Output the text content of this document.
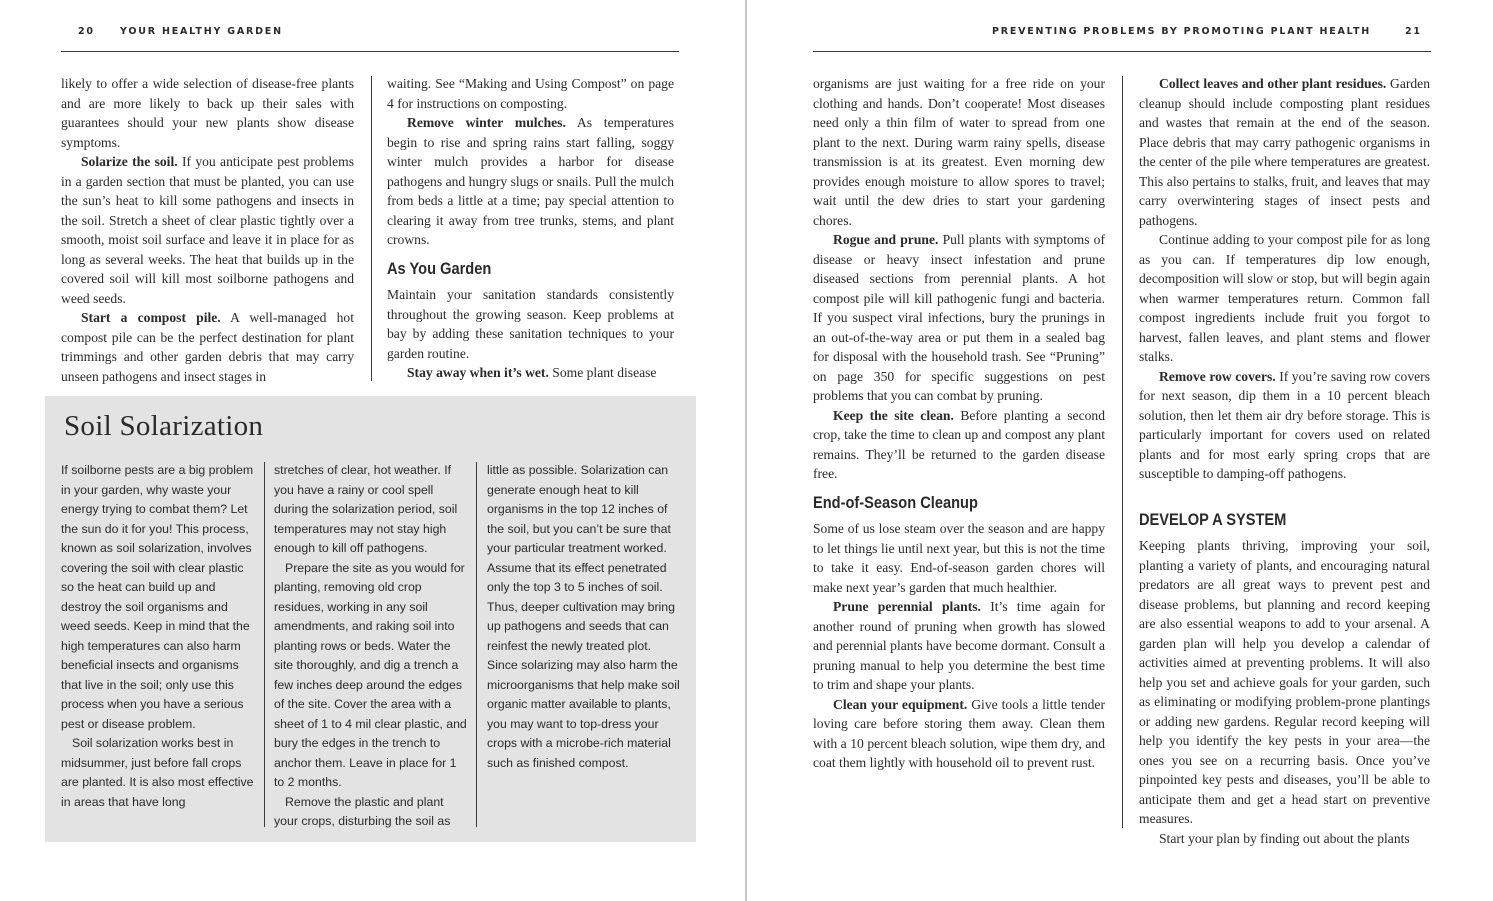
20	YOUR HEALTHY GARDEN

likely to offer a wide selection of disease-free plants and are more likely to back up their sales with guarantees should your new plants show disease symptoms.

Solarize the soil. If you anticipate pest problems in a garden section that must be planted, you can use the sun’s heat to kill some pathogens and insects in the soil. Stretch a sheet of clear plastic tightly over a smooth, moist soil surface and leave it in place for as long as several weeks. The heat that builds up in the covered soil will kill most soilborne pathogens and weed seeds.

Start a compost pile. A well-managed hot compost pile can be the perfect destination for plant trimmings and other garden debris that may carry unseen pathogens and insect stages in

waiting. See “Making and Using Compost” on page 4 for instructions on composting.

Remove winter mulches. As temperatures begin to rise and spring rains start falling, soggy winter mulch provides a harbor for disease pathogens and hungry slugs or snails. Pull the mulch from beds a little at a time; pay special attention to clearing it away from tree trunks, stems, and plant crowns.

As You Garden

Maintain your sanitation standards consistently throughout the growing season. Keep problems at bay by adding these sanitation techniques to your garden routine.

Stay away when it’s wet. Some plant disease

Soil Solarization

If soilborne pests are a big problem in your garden, why waste your energy trying to combat them? Let the sun do it for you! This process, known as soil solarization, involves covering the soil with clear plastic so the heat can build up and destroy the soil organisms and weed seeds. Keep in mind that the high temperatures can also harm beneficial insects and organisms that live in the soil; only use this process when you have a serious pest or disease problem.

Soil solarization works best in midsummer, just before fall crops are planted. It is also most effective in areas that have long

stretches of clear, hot weather. If you have a rainy or cool spell during the solarization period, soil temperatures may not stay high enough to kill off pathogens.

Prepare the site as you would for planting, removing old crop residues, working in any soil amendments, and raking soil into planting rows or beds. Water the site thoroughly, and dig a trench a few inches deep around the edges of the site. Cover the area with a sheet of 1 to 4 mil clear plastic, and bury the edges in the trench to anchor them. Leave in place for 1 to 2 months.

Remove the plastic and plant your crops, disturbing the soil as

little as possible. Solarization can generate enough heat to kill organisms in the top 12 inches of the soil, but you can’t be sure that your particular treatment worked. Assume that its effect penetrated only the top 3 to 5 inches of soil. Thus, deeper cultivation may bring up pathogens and seeds that can reinfest the newly treated plot. Since solarizing may also harm the microorganisms that help make soil organic matter available to plants, you may want to top-dress your crops with a microbe-rich material such as finished compost.

PREVENTING PROBLEMS BY PROMOTING PLANT HEALTH	21

organisms are just waiting for a free ride on your clothing and hands. Don’t cooperate! Most diseases need only a thin film of water to spread from one plant to the next. During warm rainy spells, disease transmission is at its greatest. Even morning dew provides enough moisture to allow spores to travel; wait until the dew dries to start your gardening chores.

Rogue and prune. Pull plants with symptoms of disease or heavy insect infestation and prune diseased sections from perennial plants. A hot compost pile will kill pathogenic fungi and bacteria. If you suspect viral infections, bury the prunings in an out-of-the-way area or put them in a sealed bag for disposal with the household trash. See “Pruning” on page 350 for specific suggestions on pest problems that you can combat by pruning.

Keep the site clean. Before planting a second crop, take the time to clean up and compost any plant remains. They’ll be returned to the garden disease free.

End-of-Season Cleanup

Some of us lose steam over the season and are happy to let things lie until next year, but this is not the time to take it easy. End-of-season garden chores will make next year’s garden that much healthier.

Prune perennial plants. It’s time again for another round of pruning when growth has slowed and perennial plants have become dormant. Consult a pruning manual to help you determine the best time to trim and shape your plants.

Clean your equipment. Give tools a little tender loving care before storing them away. Clean them with a 10 percent bleach solution, wipe them dry, and coat them lightly with household oil to prevent rust.

Collect leaves and other plant residues. Garden cleanup should include composting plant residues and wastes that remain at the end of the season. Place debris that may carry pathogenic organisms in the center of the pile where temperatures are greatest. This also pertains to stalks, fruit, and leaves that may carry overwintering stages of insect pests and pathogens.

Continue adding to your compost pile for as long as you can. If temperatures dip low enough, decomposition will slow or stop, but will begin again when warmer temperatures return. Common fall compost ingredients include fruit you forgot to harvest, fallen leaves, and plant stems and flower stalks.

Remove row covers. If you’re saving row covers for next season, dip them in a 10 percent bleach solution, then let them air dry before storage. This is particularly important for covers used on related plants and for most early spring crops that are susceptible to damping-off pathogens.

DEVELOP A SYSTEM

Keeping plants thriving, improving your soil, planting a variety of plants, and encouraging natural predators are all great ways to prevent pest and disease problems, but planning and record keeping are also essential weapons to add to your arsenal. A garden plan will help you develop a calendar of activities aimed at preventing problems. It will also help you set and achieve goals for your garden, such as eliminating or modifying problem-prone plantings or adding new gardens. Regular record keeping will help you identify the key pests in your area—the ones you see on a recurring basis. Once you’ve pinpointed key pests and diseases, you’ll be able to anticipate them and get a head start on preventive measures.

Start your plan by finding out about the plants
